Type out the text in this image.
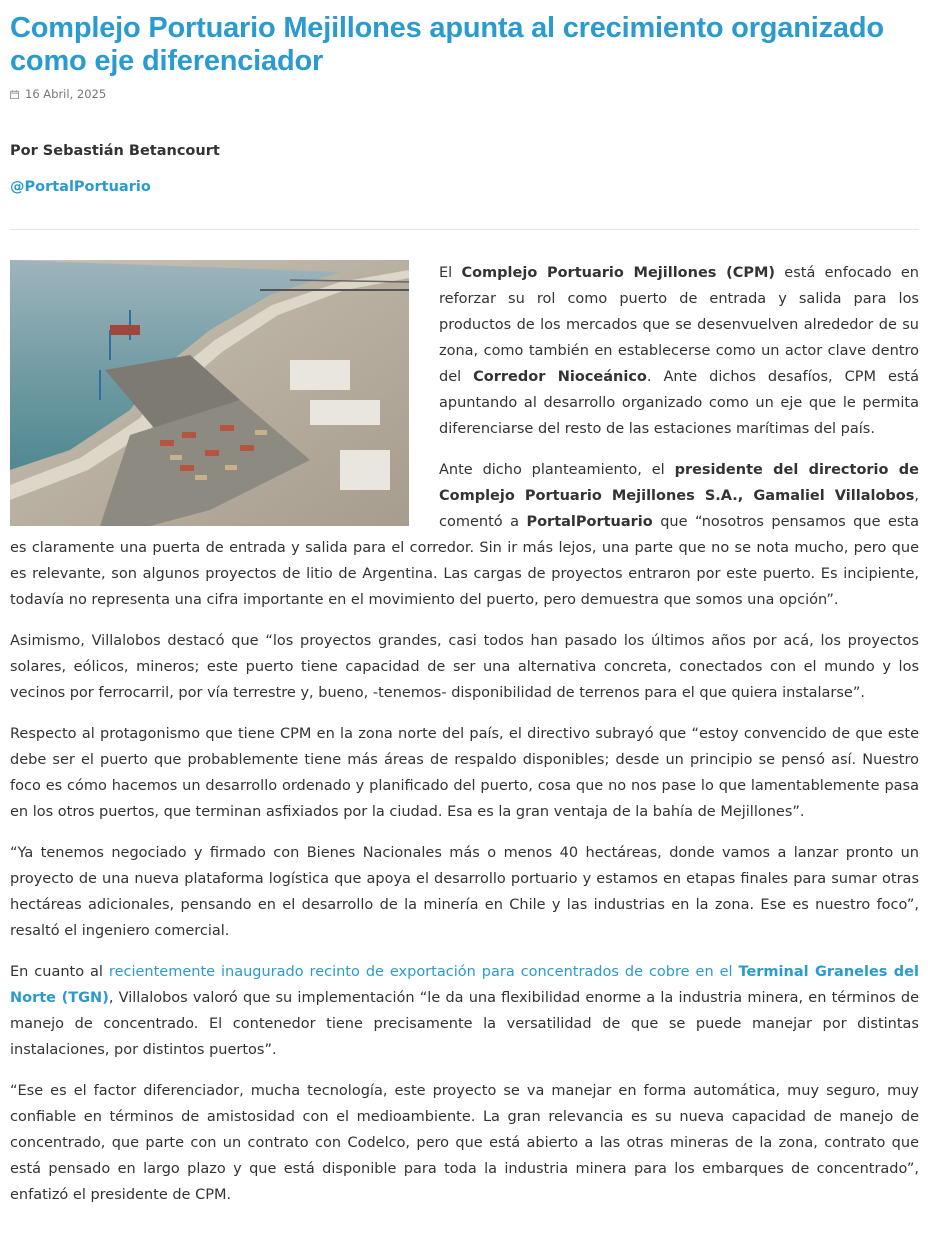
Complejo Portuario Mejillones apunta al crecimiento organizado como eje diferenciador
16 Abril, 2025
Por Sebastián Betancourt
@PortalPortuario

El Complejo Portuario Mejillones (CPM) está enfocado en reforzar su rol como puerto de entrada y salida para los productos de los mercados que se desenvuelven alrededor de su zona, como también en establecerse como un actor clave dentro del Corredor Nioceánico. Ante dichos desafíos, CPM está apuntando al desarrollo organizado como un eje que le permita diferenciarse del resto de las estaciones marítimas del país.

Ante dicho planteamiento, el presidente del directorio de Complejo Portuario Mejillones S.A., Gamaliel Villalobos, comentó a PortalPortuario que “nosotros pensamos que esta es claramente una puerta de entrada y salida para el corredor. Sin ir más lejos, una parte que no se nota mucho, pero que es relevante, son algunos proyectos de litio de Argentina. Las cargas de proyectos entraron por este puerto. Es incipiente, todavía no representa una cifra importante en el movimiento del puerto, pero demuestra que somos una opción”.

Asimismo, Villalobos destacó que “los proyectos grandes, casi todos han pasado los últimos años por acá, los proyectos solares, eólicos, mineros; este puerto tiene capacidad de ser una alternativa concreta, conectados con el mundo y los vecinos por ferrocarril, por vía terrestre y, bueno, -tenemos- disponibilidad de terrenos para el que quiera instalarse”.

Respecto al protagonismo que tiene CPM en la zona norte del país, el directivo subrayó que “estoy convencido de que este debe ser el puerto que probablemente tiene más áreas de respaldo disponibles; desde un principio se pensó así. Nuestro foco es cómo hacemos un desarrollo ordenado y planificado del puerto, cosa que no nos pase lo que lamentablemente pasa en los otros puertos, que terminan asfixiados por la ciudad. Esa es la gran ventaja de la bahía de Mejillones”.

“Ya tenemos negociado y firmado con Bienes Nacionales más o menos 40 hectáreas, donde vamos a lanzar pronto un proyecto de una nueva plataforma logística que apoya el desarrollo portuario y estamos en etapas finales para sumar otras hectáreas adicionales, pensando en el desarrollo de la minería en Chile y las industrias en la zona. Ese es nuestro foco”, resaltó el ingeniero comercial.

En cuanto al recientemente inaugurado recinto de exportación para concentrados de cobre en el Terminal Graneles del Norte (TGN), Villalobos valoró que su implementación “le da una flexibilidad enorme a la industria minera, en términos de manejo de concentrado. El contenedor tiene precisamente la versatilidad de que se puede manejar por distintas instalaciones, por distintos puertos”.

“Ese es el factor diferenciador, mucha tecnología, este proyecto se va manejar en forma automática, muy seguro, muy confiable en términos de amistosidad con el medioambiente. La gran relevancia es su nueva capacidad de manejo de concentrado, que parte con un contrato con Codelco, pero que está abierto a las otras mineras de la zona, contrato que está pensado en largo plazo y que está disponible para toda la industria minera para los embarques de concentrado”, enfatizó el presidente de CPM.
